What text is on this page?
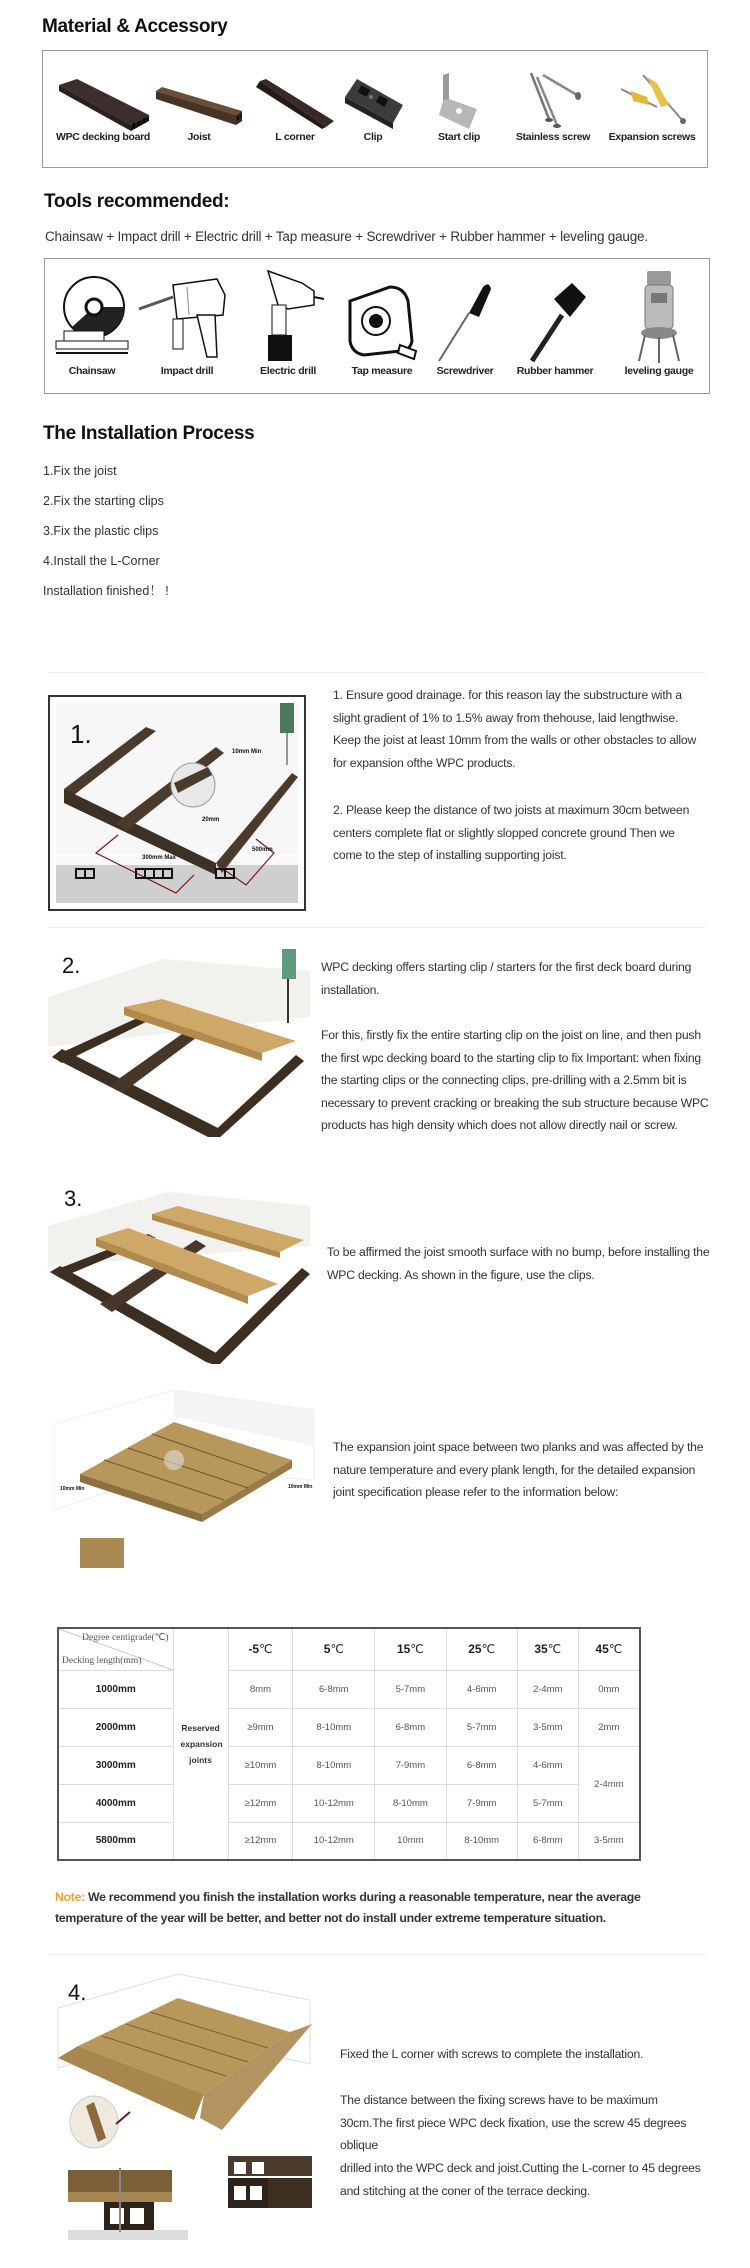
Material & Accessory
WPC decking board	Joist	L corner	Clip	Start clip	Stainless screw	Expansion screws
Tools recommended:
Chainsaw + Impact drill + Electric drill + Tap measure + Screwdriver + Rubber hammer + leveling gauge.
Chainsaw	Impact drill	Electric drill	Tap measure	Screwdriver	Rubber hammer	leveling gauge
The Installation Process
1.Fix the joist
2.Fix the starting clips
3.Fix the plastic clips
4.Install the L-Corner
Installation finished！ !
1.
10mm Min
20mm
300mm Max
500mm
1. Ensure good drainage. for this reason lay the substructure with a slight gradient of 1% to 1.5% away from thehouse, laid lengthwise. Keep the joist at least 10mm from the walls or other obstacles to allow for expansion ofthe WPC products.
2. Please keep the distance of two joists at maximum 30cm between centers complete flat or slightly slopped concrete ground Then we come to the step of installing supporting joist.
2.	WPC decking offers starting clip / starters for the first deck board during installation.
For this, firstly fix the entire starting clip on the joist on line, and then push the first wpc decking board to the starting clip to fix Important: when fixing the starting clips or the connecting clips, pre-drilling with a 2.5mm bit is necessary to prevent cracking or breaking the sub structure because WPC products has high density which does not allow directly nail or screw.
3.
To be affirmed the joist smooth surface with no bump, before installing the WPC decking. As shown in the figure, use the clips.
10mm Min	10mm Min
The expansion joint space between two planks and was affected by the nature temperature and every plank length, for the detailed expansion joint specification please refer to the information below:
Degree centigrade(℃)
Decking length(mm)	Reserved expansion joints	-5℃	5℃	15℃	25℃	35℃	45℃
1000mm		8mm	6-8mm	5-7mm	4-6mm	2-4mm	0mm
2000mm		≥9mm	8-10mm	6-8mm	5-7mm	3-5mm	2mm
3000mm		≥10mm	8-10mm	7-9mm	6-8mm	4-6mm	2-4mm
4000mm		≥12mm	10-12mm	8-10mm	7-9mm	5-7mm	
5800mm		≥12mm	10-12mm	10mm	8-10mm	6-8mm	3-5mm
Note: We recommend you finish the installation works during a reasonable temperature, near the average temperature of the year will be better, and better not do install under extreme temperature situation.
4.
Fixed the L corner with screws to complete the installation.
The distance between the fixing screws have to be maximum 30cm.The first piece WPC deck fixation, use the screw 45 degrees oblique
drilled into the WPC deck and joist.Cutting the L-corner to 45 degrees and stitching at the coner of the terrace decking.
